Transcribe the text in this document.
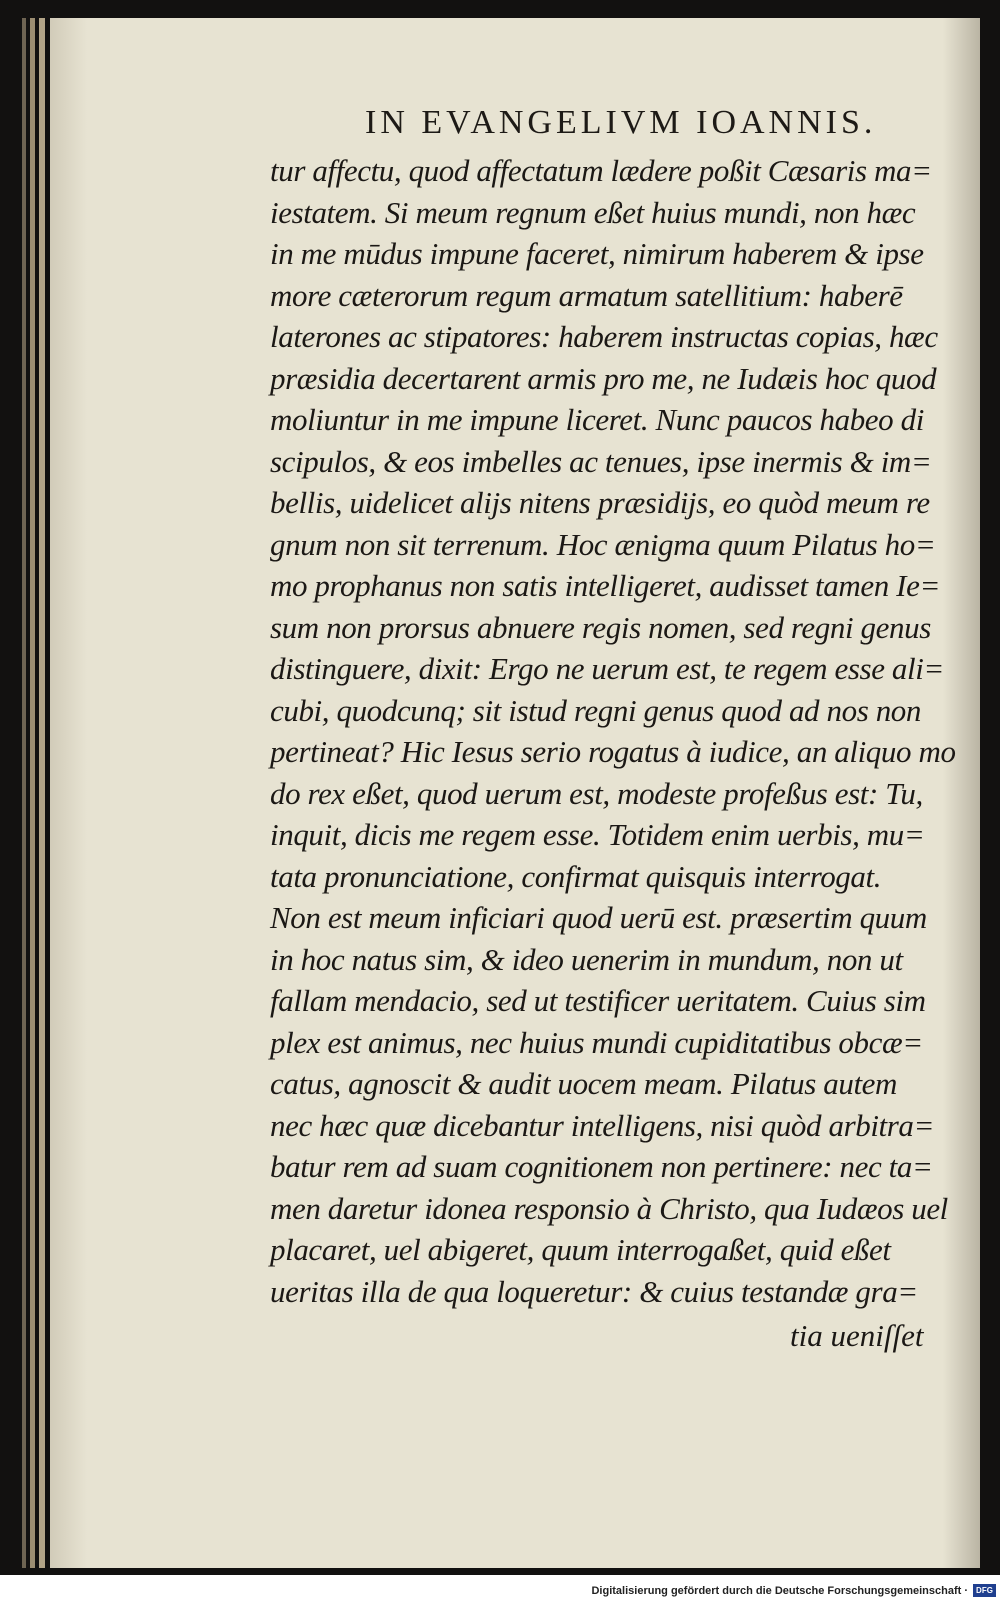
IN EVANGELIVM IOANNIS.
tur affectu, quod affectatum lædere poßit Cæsaris ma=
iestatem. Si meum regnum eßet huius mundi, non hæc
in me mūdus impune faceret, nimirum haberem & ipse
more cæterorum regum armatum satellitium: haberē
laterones ac stipatores: haberem instructas copias, hæc
præsidia decertarent armis pro me, ne Iudæis hoc quod
moliuntur in me impune liceret. Nunc paucos habeo di
scipulos, & eos imbelles ac tenues, ipse inermis & im=
bellis, uidelicet alijs nitens præsidijs, eo quòd meum re
gnum non sit terrenum. Hoc ænigma quum Pilatus ho=
mo prophanus non satis intelligeret, audisset tamen Ie=
sum non prorsus abnuere regis nomen, sed regni genus
distinguere, dixit: Ergo ne uerum est, te regem esse ali=
cubi, quodcunq; sit istud regni genus quod ad nos non
pertineat? Hic Iesus serio rogatus à iudice, an aliquo mo
do rex eßet, quod uerum est, modeste profeßus est: Tu,
inquit, dicis me regem esse. Totidem enim uerbis, mu=
tata pronunciatione, confirmat quisquis interrogat.
Non est meum inficiari quod uerū est. præsertim quum
in hoc natus sim, & ideo uenerim in mundum, non ut
fallam mendacio, sed ut testificer ueritatem. Cuius sim
plex est animus, nec huius mundi cupiditatibus obcæ=
catus, agnoscit & audit uocem meam. Pilatus autem
nec hæc quæ dicebantur intelligens, nisi quòd arbitra=
batur rem ad suam cognitionem non pertinere: nec ta=
men daretur idonea responsio à Christo, qua Iudæos uel
placaret, uel abigeret, quum interrogaßet, quid eßet
ueritas illa de qua loqueretur: & cuius testandæ gra=
tia ueniſſet
Digitalisierung gefördert durch die Deutsche Forschungsgemeinschaft ·	DFG
